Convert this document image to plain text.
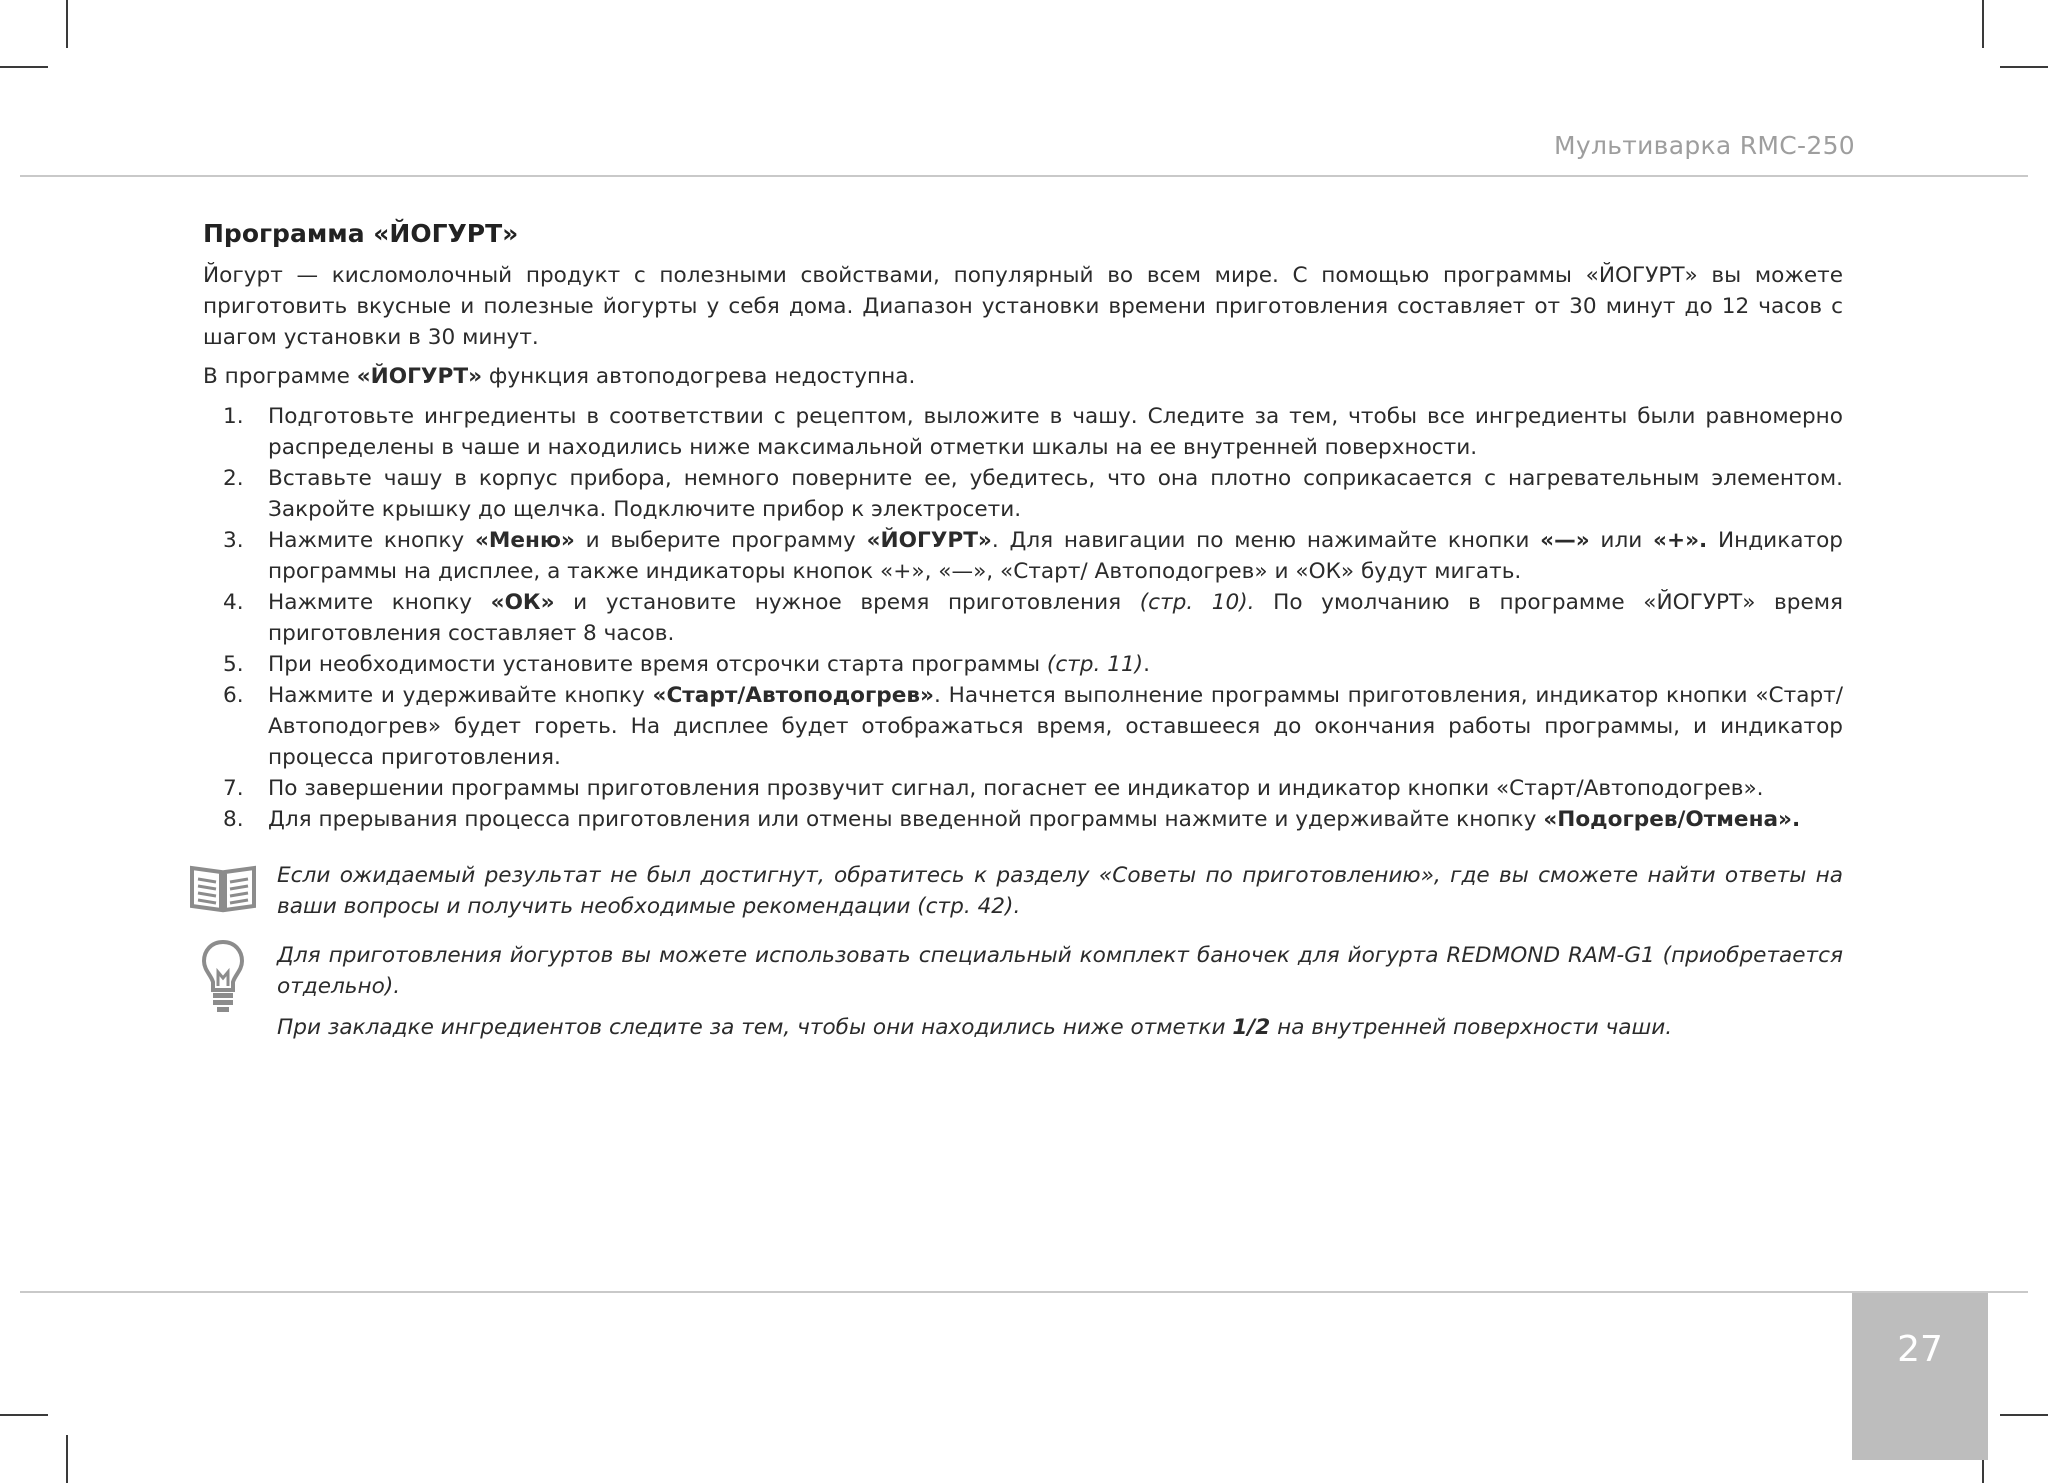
Мультиварка RMC-250
Программа «ЙОГУРТ»

Йогурт — кисломолочный продукт с полезными свойствами, популярный во всем мире. С помощью программы «ЙОГУРТ» вы можете приготовить вкусные и полезные йогурты у себя дома. Диапазон установки времени приготовления составляет от 30 минут до 12 часов с шагом установки в 30 минут.

В программе «ЙОГУРТ» функция автоподогрева недоступна.

1. Подготовьте ингредиенты в соответствии с рецептом, выложите в чашу. Следите за тем, чтобы все ингредиенты были равномерно распределены в чаше и находились ниже максимальной отметки шкалы на ее внутренней поверхности.
2. Вставьте чашу в корпус прибора, немного поверните ее, убедитесь, что она плотно соприкасается с нагревательным элементом. Закройте крышку до щелчка. Подключите прибор к электросети.
3. Нажмите кнопку «Меню» и выберите программу «ЙОГУРТ». Для навигации по меню нажимайте кнопки «—» или «+». Индикатор программы на дисплее, а также индикаторы кнопок «+», «—», «Старт/ Автоподогрев» и «ОК» будут мигать.
4. Нажмите кнопку «ОК» и установите нужное время приготовления (стр. 10). По умолчанию в программе «ЙОГУРТ» время приготовления составляет 8 часов.
5. При необходимости установите время отсрочки старта программы (стр. 11).
6. Нажмите и удерживайте кнопку «Старт/Автоподогрев». Начнется выполнение программы приготовления, индикатор кнопки «Старт/Автоподогрев» будет гореть. На дисплее будет отображаться время, оставшееся до окончания работы программы, и индикатор процесса приготовления.
7. По завершении программы приготовления прозвучит сигнал, погаснет ее индикатор и индикатор кнопки «Старт/Автоподогрев».
8. Для прерывания процесса приготовления или отмены введенной программы нажмите и удерживайте кнопку «Подогрев/Отмена».
Если ожидаемый результат не был достигнут, обратитесь к разделу «Советы по приготовлению», где вы сможете найти ответы на ваши вопросы и получить необходимые рекомендации (стр. 42).
Для приготовления йогуртов вы можете использовать специальный комплект баночек для йогурта REDMOND RAM-G1 (приобретается отдельно).
При закладке ингредиентов следите за тем, чтобы они находились ниже отметки 1/2 на внутренней поверхности чаши.
27
